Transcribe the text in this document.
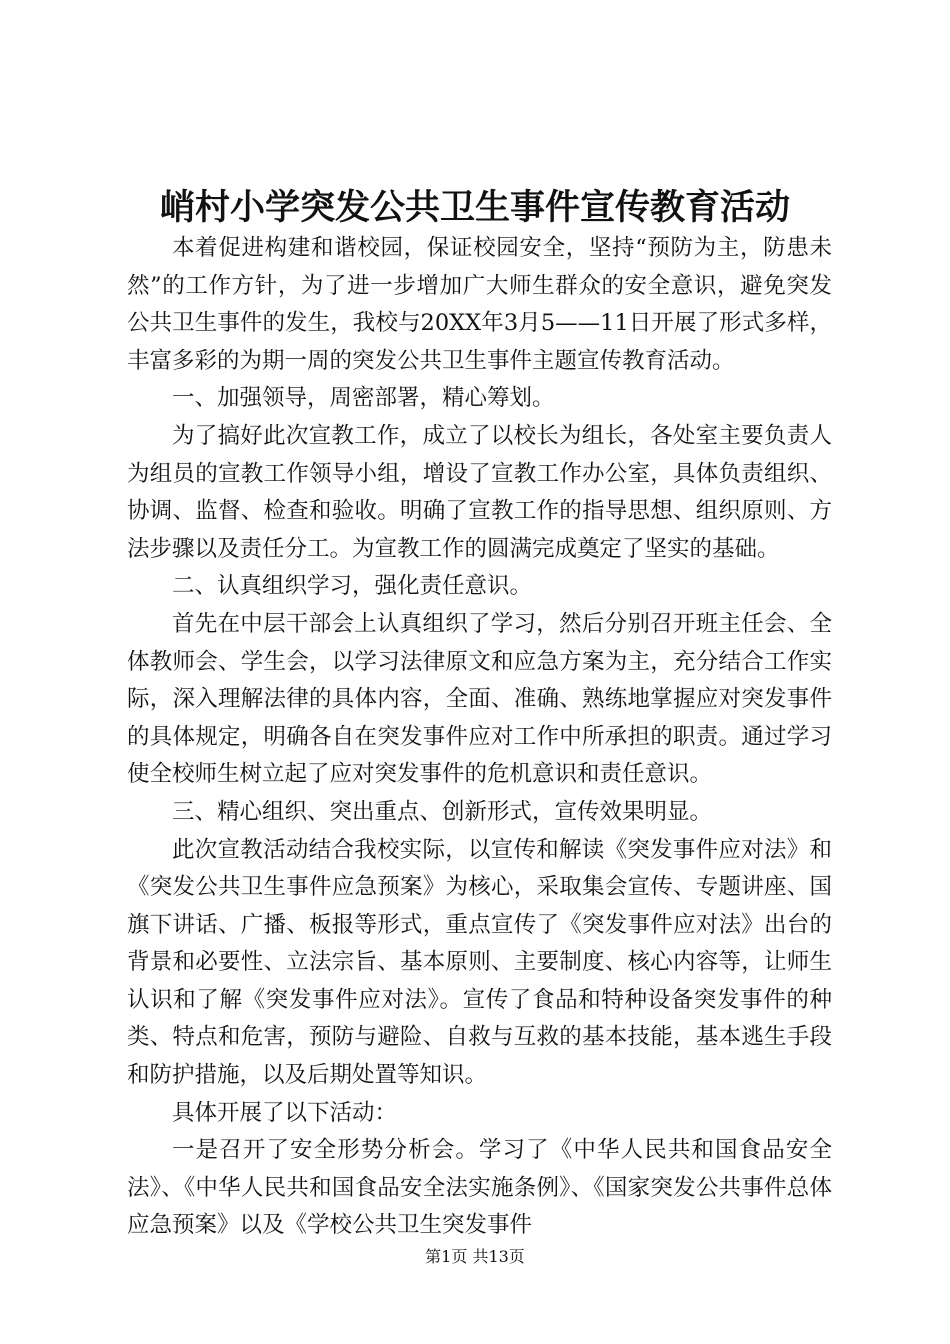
峭村小学突发公共卫生事件宣传教育活动

本着促进构建和谐校园，保证校园安全，坚持“预防为主，防患未然”的工作方针，为了进一步增加广大师生群众的安全意识，避免突发公共卫生事件的发生，我校与20XX年3月5——11日开展了形式多样，丰富多彩的为期一周的突发公共卫生事件主题宣传教育活动。

一、加强领导，周密部署，精心筹划。

为了搞好此次宣教工作，成立了以校长为组长，各处室主要负责人为组员的宣教工作领导小组，增设了宣教工作办公室，具体负责组织、协调、监督、检查和验收。明确了宣教工作的指导思想、组织原则、方法步骤以及责任分工。为宣教工作的圆满完成奠定了坚实的基础。

二、认真组织学习，强化责任意识。

首先在中层干部会上认真组织了学习，然后分别召开班主任会、全体教师会、学生会，以学习法律原文和应急方案为主，充分结合工作实际，深入理解法律的具体内容，全面、准确、熟练地掌握应对突发事件的具体规定，明确各自在突发事件应对工作中所承担的职责。通过学习使全校师生树立起了应对突发事件的危机意识和责任意识。

三、精心组织、突出重点、创新形式，宣传效果明显。

此次宣教活动结合我校实际，以宣传和解读《突发事件应对法》和《突发公共卫生事件应急预案》为核心，采取集会宣传、专题讲座、国旗下讲话、广播、板报等形式，重点宣传了《突发事件应对法》出台的背景和必要性、立法宗旨、基本原则、主要制度、核心内容等，让师生认识和了解《突发事件应对法》。宣传了食品和特种设备突发事件的种类、特点和危害，预防与避险、自救与互救的基本技能，基本逃生手段和防护措施，以及后期处置等知识。

具体开展了以下活动：

一是召开了安全形势分析会。学习了《中华人民共和国食品安全法》、《中华人民共和国食品安全法实施条例》、《国家突发公共事件总体应急预案》以及《学校公共卫生突发事件

第1页 共13页
